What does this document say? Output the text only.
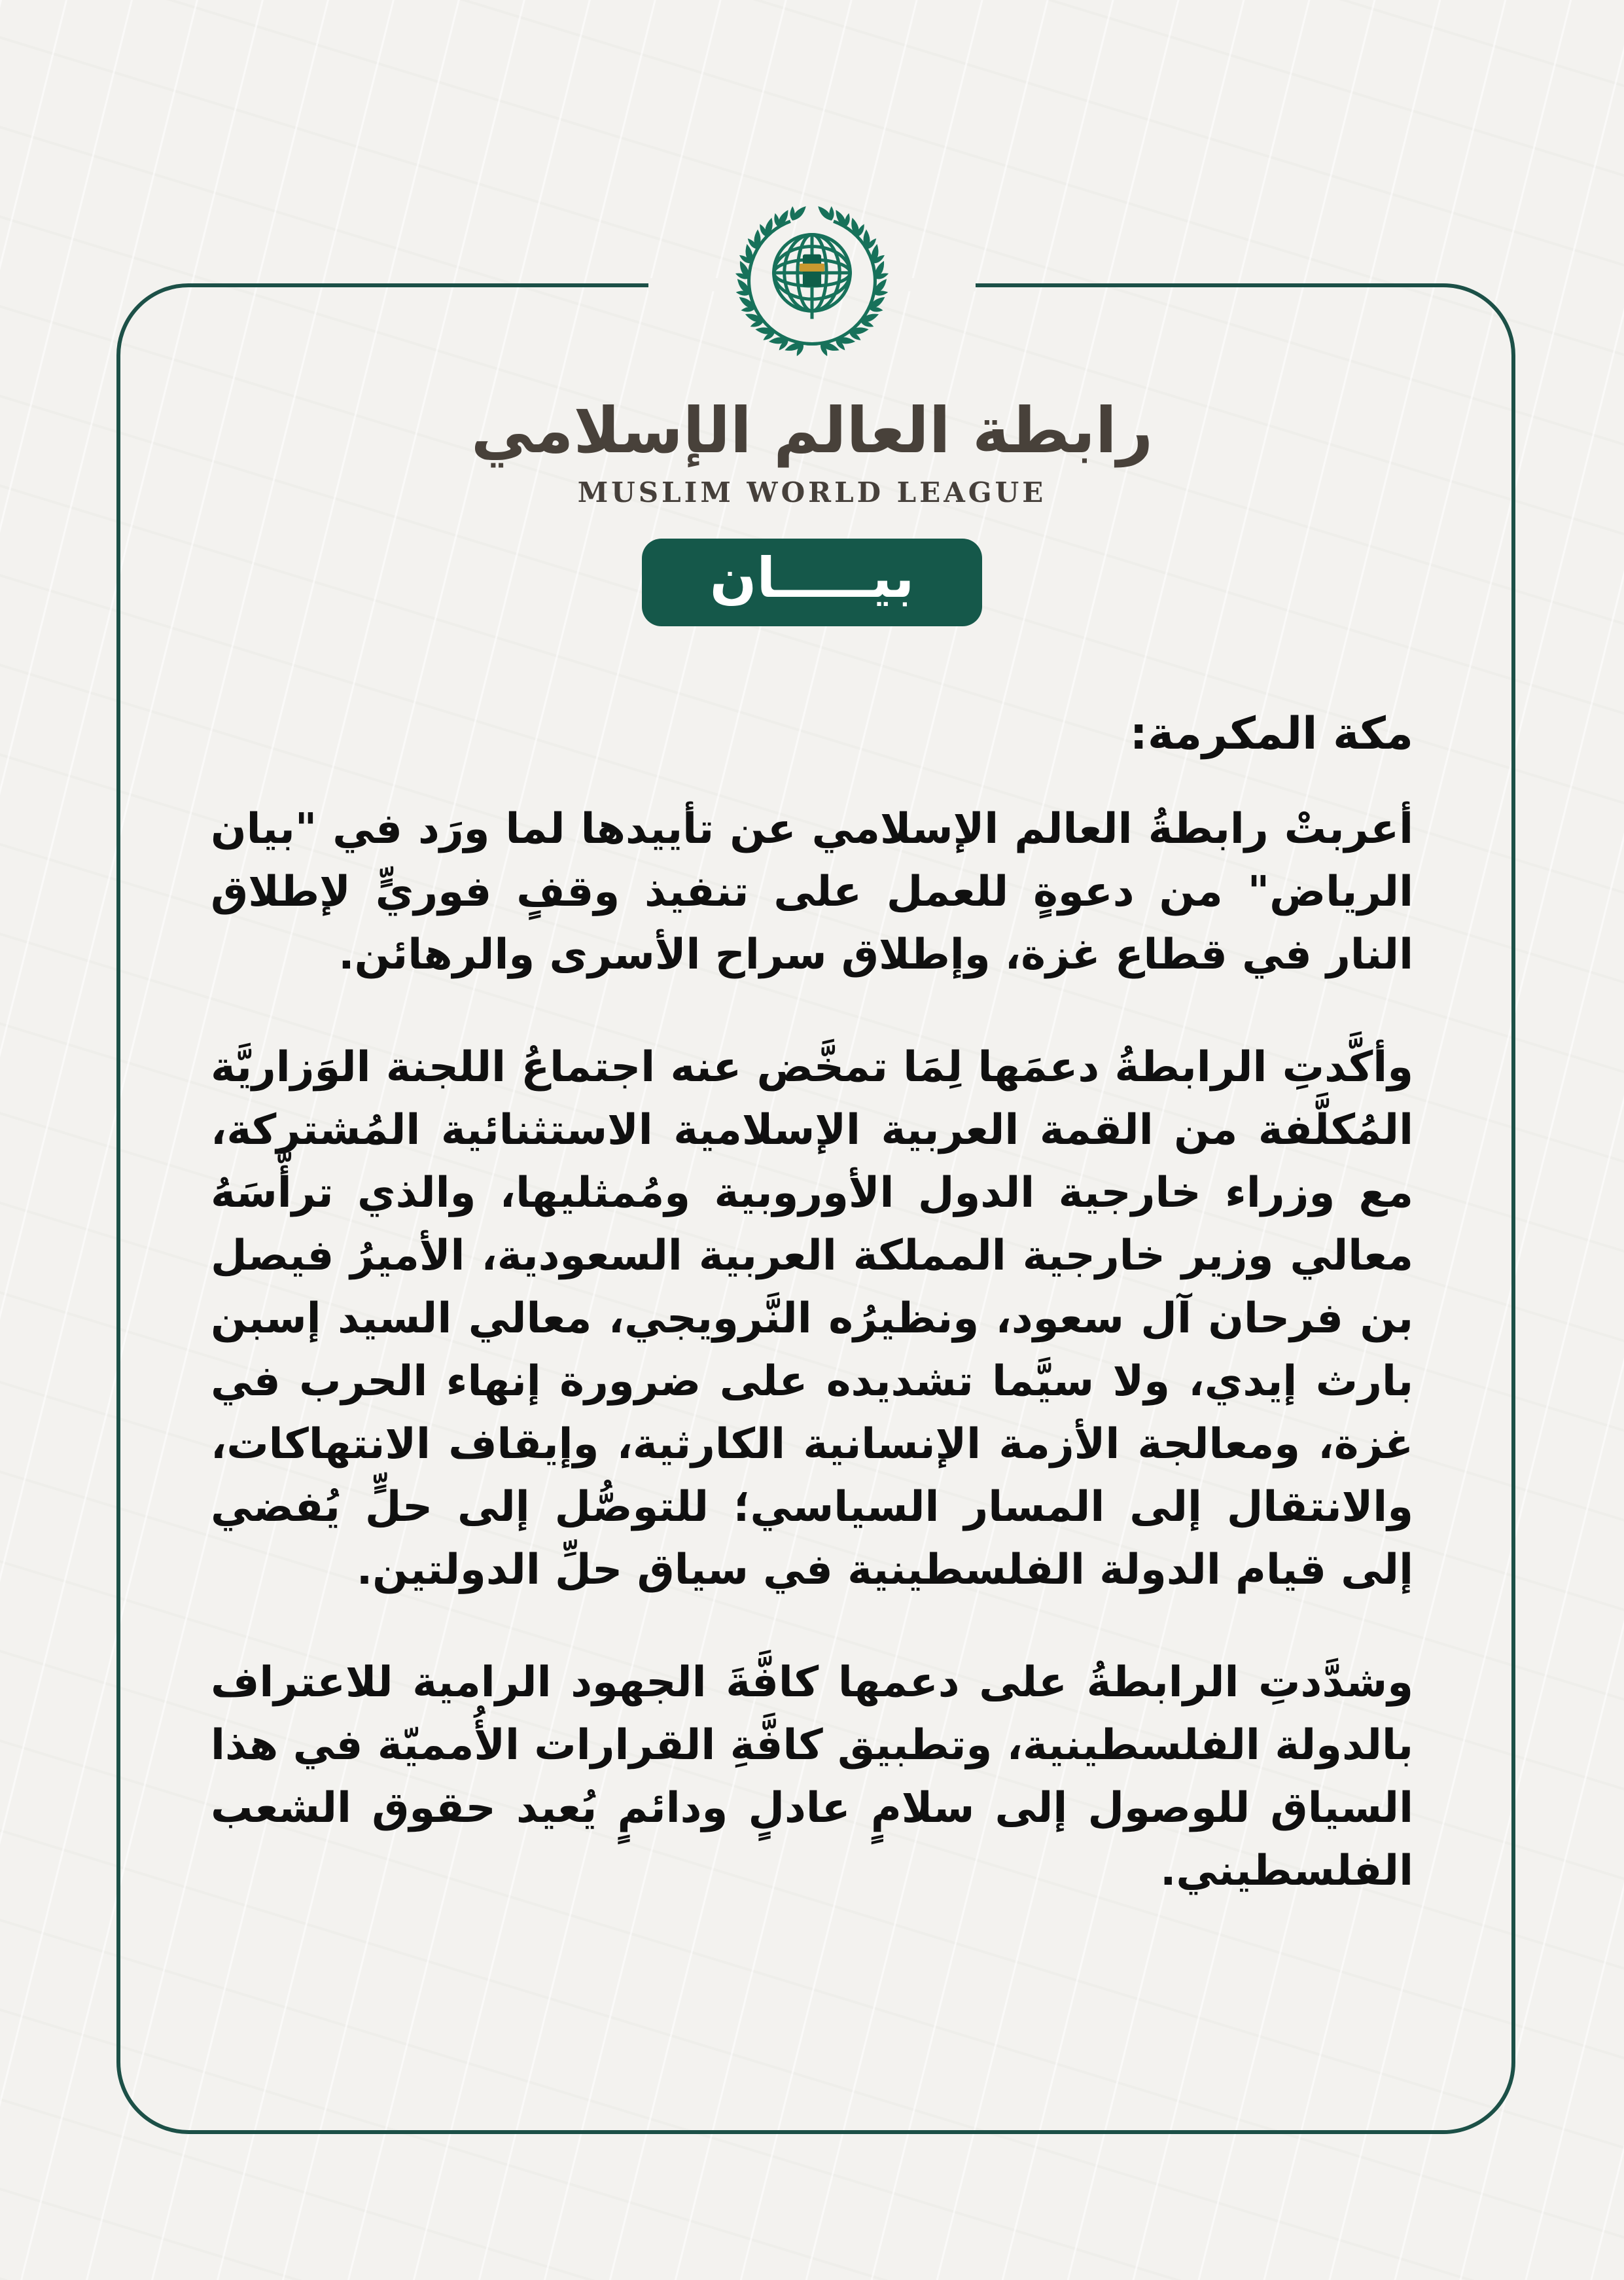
رابطة العالم الإسلامي
MUSLIM WORLD LEAGUE
بيـــــان
مكة المكرمة:

أعربتْ رابطةُ العالم الإسلامي عن تأييدها لما ورَد في "بيان الرياض" من دعوةٍ للعمل على تنفيذ وقفٍ فوريٍّ لإطلاق النار في قطاع غزة، وإطلاق سراح الأسرى والرهائن.

وأكَّدتِ الرابطةُ دعمَها لِمَا تمخَّض عنه اجتماعُ اللجنة الوَزاريَّة المُكلَّفة من القمة العربية الإسلامية الاستثنائية المُشتركة، مع وزراء خارجية الدول الأوروبية ومُمثليها، والذي ترأَّسَهُ معالي وزير خارجية المملكة العربية السعودية، الأميرُ فيصل بن فرحان آل سعود، ونظيرُه النَّرويجي، معالي السيد إسبن بارث إيدي، ولا سيَّما تشديده على ضرورة إنهاء الحرب في غزة، ومعالجة الأزمة الإنسانية الكارثية، وإيقاف الانتهاكات، والانتقال إلى المسار السياسي؛ للتوصُّل إلى حلٍّ يُفضي إلى قيام الدولة الفلسطينية في سياق حلِّ الدولتين.

وشدَّدتِ الرابطةُ على دعمها كافَّةَ الجهود الرامية للاعتراف بالدولة الفلسطينية، وتطبيق كافَّةِ القرارات الأُمميّة في هذا السياق للوصول إلى سلامٍ عادلٍ ودائمٍ يُعيد حقوق الشعب الفلسطيني.
